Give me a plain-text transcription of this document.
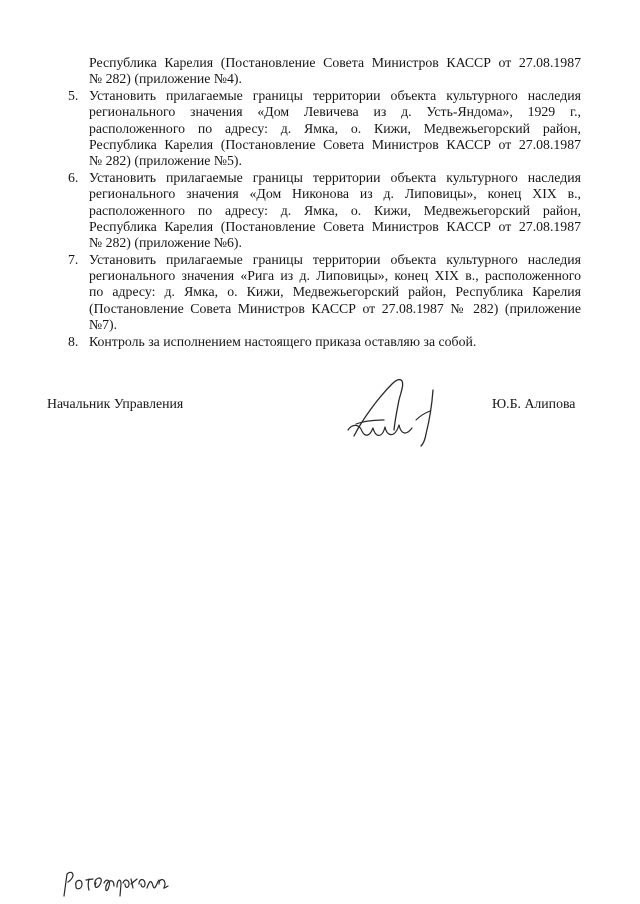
Республика Карелия (Постановление Совета Министров КАССР от 27.08.1987
№ 282) (приложение №4).
5. Установить прилагаемые границы территории объекта культурного наследия
регионального значения «Дом Левичева из д. Усть-Яндома», 1929 г.,
расположенного по адресу: д. Ямка, о. Кижи, Медвежьегорский район,
Республика Карелия (Постановление Совета Министров КАССР от 27.08.1987
№ 282) (приложение №5).
6. Установить прилагаемые границы территории объекта культурного наследия
регионального значения «Дом Никонова из д. Липовицы», конец XIX в.,
расположенного по адресу: д. Ямка, о. Кижи, Медвежьегорский район,
Республика Карелия (Постановление Совета Министров КАССР от 27.08.1987
№ 282) (приложение №6).
7. Установить прилагаемые границы территории объекта культурного наследия
регионального значения «Рига из д. Липовицы», конец XIX в., расположенного
по адресу: д. Ямка, о. Кижи, Медвежьегорский район, Республика Карелия
(Постановление Совета Министров КАССР от 27.08.1987 № 282) (приложение
№7).
8. Контроль за исполнением настоящего приказа оставляю за собой.
Начальник Управления	Ю.Б. Алипова
